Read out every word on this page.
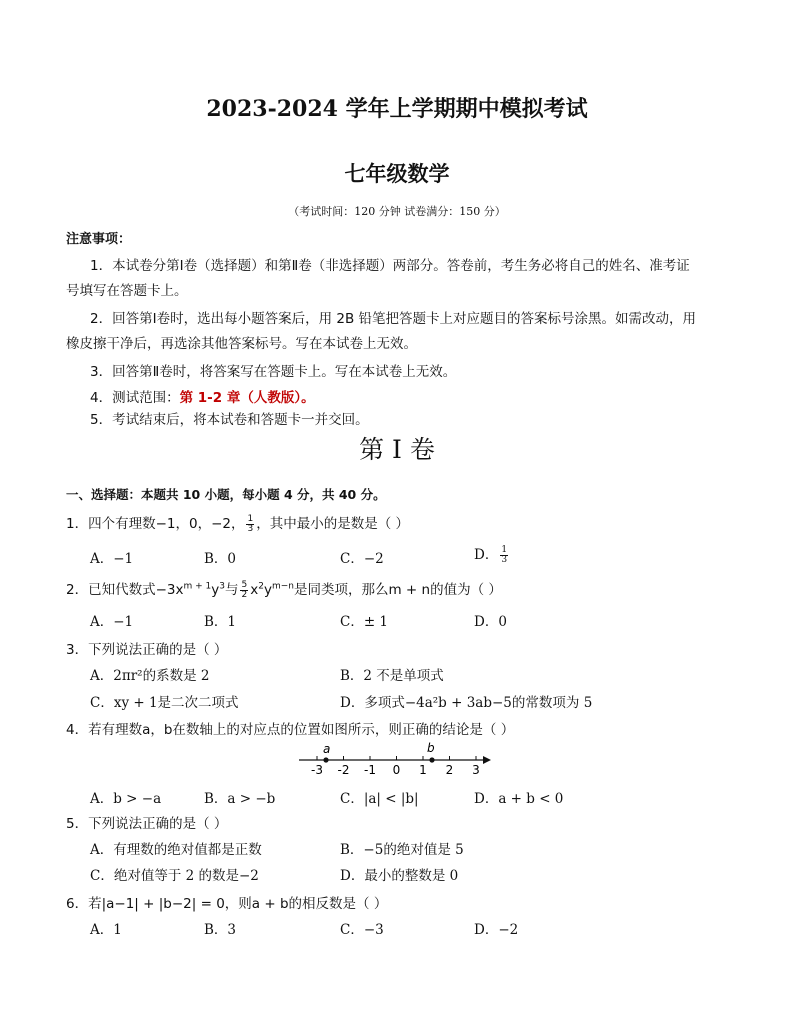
2023-2024 学年上学期期中模拟考试
七年级数学
（考试时间：120 分钟 试卷满分：150 分）
注意事项：
1．本试卷分第Ⅰ卷（选择题）和第Ⅱ卷（非选择题）两部分。答卷前，考生务必将自己的姓名、准考证
号填写在答题卡上。
2．回答第Ⅰ卷时，选出每小题答案后，用 2B 铅笔把答题卡上对应题目的答案标号涂黑。如需改动，用
橡皮擦干净后，再选涂其他答案标号。写在本试卷上无效。
3．回答第Ⅱ卷时，将答案写在答题卡上。写在本试卷上无效。
4．测试范围：第 1-2 章（人教版）。
5．考试结束后，将本试卷和答题卡一并交回。
第 I 卷
一、选择题：本题共 10 小题，每小题 4 分，共 40 分。
1．四个有理数−1，0，−2， $\frac{1}{3}$ ，其中最小的是数是（ ）
A．−1	B．0	C．−2	D． $\frac{1}{3}$
2．已知代数式$-3x^{m + 1}y^3$与 $\frac{5}{2} x^2y^{m-n}$是同类项，那么m + n的值为（ ）
A．−1	B．1	C．± 1	D．0
3．下列说法正确的是（ ）
A．2πr²的系数是 2	B．2 不是单项式
C．xy + 1是二次二项式	D．多项式−4a²b + 3ab−5的常数项为 5
4．若有理数a，b在数轴上的对应点的位置如图所示，则正确的结论是（ ）
-3 -2 -1 0 1 2 3
a	b
A．b > −a	B．a > −b	C．|a| < |b|	D．a + b < 0
5．下列说法正确的是（ ）
A．有理数的绝对值都是正数	B．−5的绝对值是 5
C．绝对值等于 2 的数是−2	D．最小的整数是 0
6．若|a−1| + |b−2| = 0，则a + b的相反数是（ ）
A．1	B．3	C．−3	D．−2
